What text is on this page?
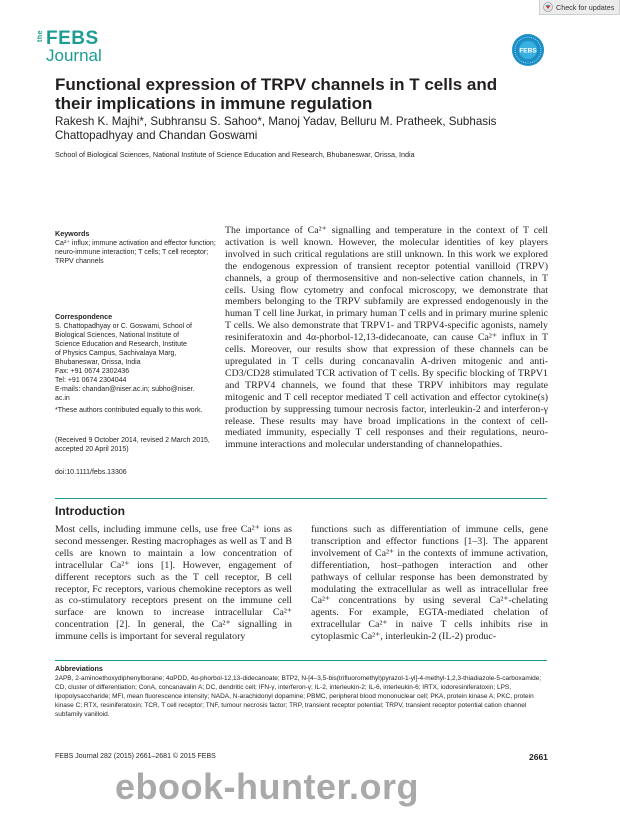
Check for updates
the FEBS
Journal	FEBS
Functional expression of TRPV channels in T cells and their implications in immune regulation
Rakesh K. Majhi*, Subhransu S. Sahoo*, Manoj Yadav, Belluru M. Pratheek, Subhasis Chattopadhyay and Chandan Goswami
School of Biological Sciences, National Institute of Science Education and Research, Bhubaneswar, Orissa, India
Keywords
Ca²⁺ influx; immune activation and effector function; neuro-immune interaction; T cells; T cell receptor; TRPV channels
Correspondence
S. Chattopadhyay or C. Goswami, School of
Biological Sciences, National Institute of
Science Education and Research, Institute
of Physics Campus, Sachivalaya Marg,
Bhubaneswar, Orissa, India
Fax: +91 0674 2302436
Tel: +91 0674 2304044
E-mails: chandan@niser.ac.in; subho@niser.
ac.in
*These authors contributed equally to this work.
(Received 9 October 2014, revised 2 March 2015, accepted 20 April 2015)
doi:10.1111/febs.13306

The importance of Ca²⁺ signalling and temperature in the context of T cell activation is well known. However, the molecular identities of key players involved in such critical regulations are still unknown. In this work we explored the endogenous expression of transient receptor potential vanilloid (TRPV) channels, a group of thermosensitive and non-selective cation channels, in T cells. Using flow cytometry and confocal microscopy, we demonstrate that members belonging to the TRPV subfamily are expressed endogenously in the human T cell line Jurkat, in primary human T cells and in primary murine splenic T cells. We also demonstrate that TRPV1- and TRPV4-specific agonists, namely resiniferatoxin and 4α-phorbol-12,13-didecanoate, can cause Ca²⁺ influx in T cells. Moreover, our results show that expression of these channels can be upregulated in T cells during concanavalin A-driven mitogenic and anti-CD3/CD28 stimulated TCR activation of T cells. By specific blocking of TRPV1 and TRPV4 channels, we found that these TRPV inhibitors may regulate mitogenic and T cell receptor mediated T cell activation and effector cytokine(s) production by suppressing tumour necrosis factor, interleukin-2 and interferon-γ release. These results may have broad implications in the context of cell-mediated immunity, especially T cell responses and their regulations, neuro-immune interactions and molecular understanding of channelopathies.

Introduction

Most cells, including immune cells, use free Ca²⁺ ions as second messenger. Resting macrophages as well as T and B cells are known to maintain a low concentration of intracellular Ca²⁺ ions [1]. However, engagement of different receptors such as the T cell receptor, B cell receptor, Fc receptors, various chemokine receptors as well as co-stimulatory receptors present on the immune cell surface are known to increase intracellular Ca²⁺ concentration [2]. In general, the Ca²⁺ signalling in immune cells is important for several regulatory

functions such as differentiation of immune cells, gene transcription and effector functions [1–3]. The apparent involvement of Ca²⁺ in the contexts of immune activation, differentiation, host–pathogen interaction and other pathways of cellular response has been demonstrated by modulating the extracellular as well as intracellular free Ca²⁺ concentrations by using several Ca²⁺-chelating agents. For example, EGTA-mediated chelation of extracellular Ca²⁺ in naive T cells inhibits rise in cytoplasmic Ca²⁺, interleukin-2 (IL-2) produc-

Abbreviations

2APB, 2-aminoethoxydiphenylborane; 4αPDD, 4α-phorbol-12,13-didecanoate; BTP2, N-[4–3,5-bis(trifluoromethyl)pyrazol-1-yl]-4-methyl-1,2,3-thiadiazole-5-carboxamide; CD, cluster of differentiation; ConA, concanavalin A; DC, dendritic cell; IFN-γ, interferon-γ; IL-2, interleukin-2; IL-6, interleukin-6; IRTX, iodoresiniferatoxin; LPS, lipopolysaccharide; MFI, mean fluorescence intensity; NADA, N-arachidonyl dopamine; PBMC, peripheral blood mononuclear cell; PKA, protein kinase A; PKC, protein kinase C; RTX, resiniferatoxin; TCR, T cell receptor; TNF, tumour necrosis factor; TRP, transient receptor potential; TRPV, transient receptor potential cation channel subfamily vanilloid.

FEBS Journal 282 (2015) 2661–2681 © 2015 FEBS	2661
ebook-hunter.org
